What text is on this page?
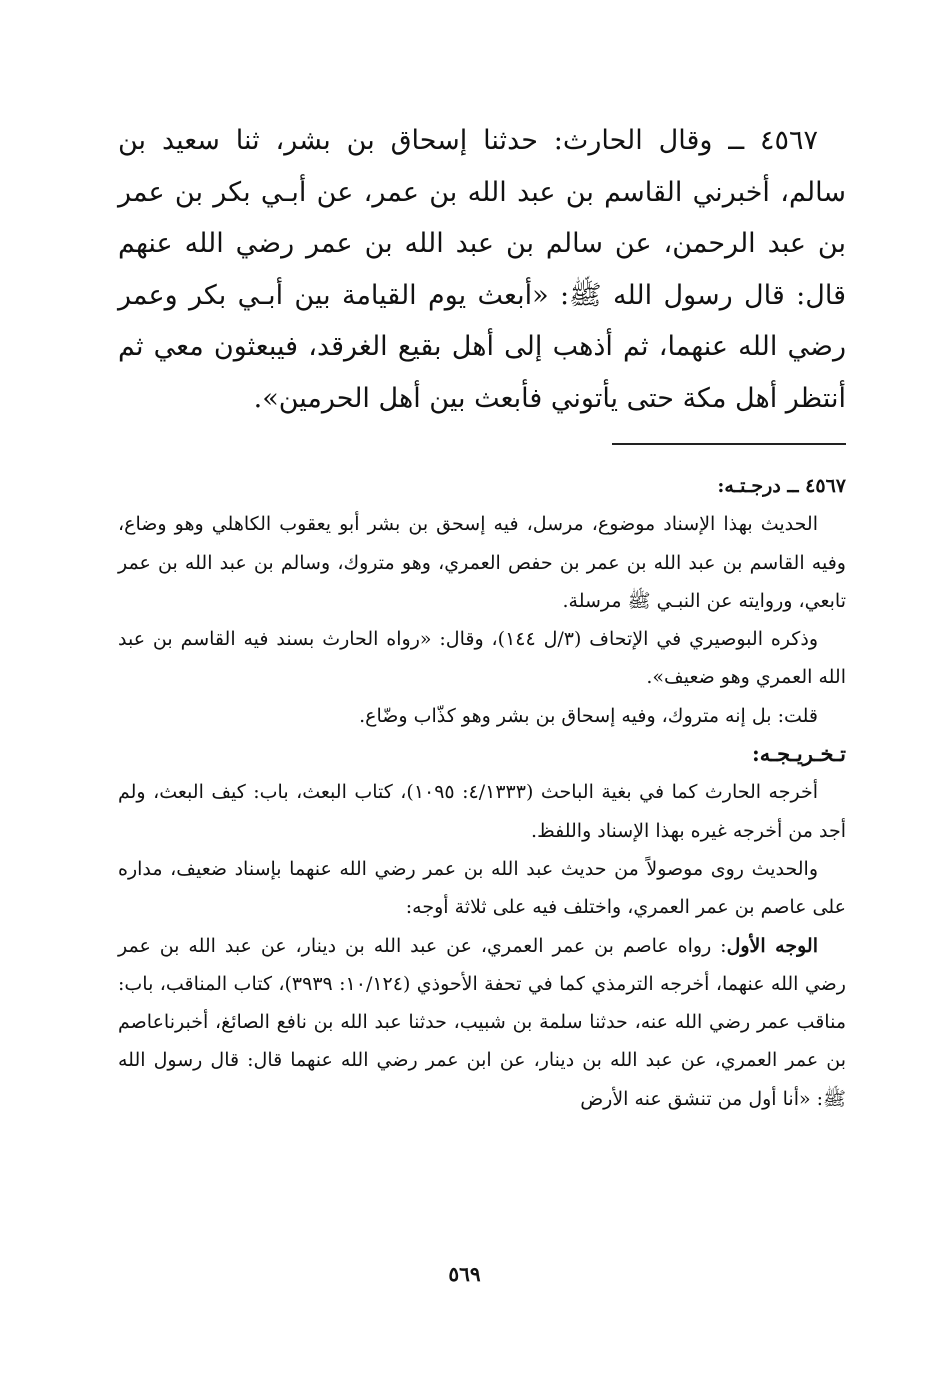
٤٥٦٧ ــ وقال الحارث: حدثنا إسحاق بن بشر، ثنا سعيد بن سالم، أخبرني القاسم بن عبد الله بن عمر، عن أبـي بكر بن عمر بن عبد الرحمن، عن سالم بن عبد الله بن عمر رضي الله عنهم قال: قال رسول الله ﷺ: «أبعث يوم القيامة بين أبـي بكر وعمر رضي الله عنهما، ثم أذهب إلى أهل بقيع الغرقد، فيبعثون معي ثم أنتظر أهل مكة حتى يأتوني فأبعث بين أهل الحرمين».

٤٥٦٧ ــ درجـتـه:

الحديث بهذا الإسناد موضوع، مرسل، فيه إسحق بن بشر أبو يعقوب الكاهلي وهو وضاع، وفيه القاسم بن عبد الله بن عمر بن حفص العمري، وهو متروك، وسالم بن عبد الله بن عمر تابعي، وروايته عن النبـي ﷺ مرسلة.

وذكره البوصيري في الإتحاف (٣/ل ١٤٤)، وقال: «رواه الحارث بسند فيه القاسم بن عبد الله العمري وهو ضعيف».

قلت: بل إنه متروك، وفيه إسحاق بن بشر وهو كذّاب وضّاع.

تـخـريـجـه:

أخرجه الحارث كما في بغية الباحث (٤/١٣٣٣: ١٠٩٥)، كتاب البعث، باب: كيف البعث، ولم أجد من أخرجه غيره بهذا الإسناد واللفظ.

والحديث روى موصولاً من حديث عبد الله بن عمر رضي الله عنهما بإسناد ضعيف، مداره على عاصم بن عمر العمري، واختلف فيه على ثلاثة أوجه:

الوجه الأول: رواه عاصم بن عمر العمري، عن عبد الله بن دينار، عن عبد الله بن عمر رضي الله عنهما، أخرجه الترمذي كما في تحفة الأحوذي (١٠/١٢٤: ٣٩٣٩)، كتاب المناقب، باب: مناقب عمر رضي الله عنه، حدثنا سلمة بن شبيب، حدثنا عبد الله بن نافع الصائغ، أخبرناعاصم بن عمر العمري، عن عبد الله بن دينار، عن ابن عمر رضي الله عنهما قال: قال رسول الله ﷺ: «أنا أول من تنشق عنه الأرض

٥٦٩
